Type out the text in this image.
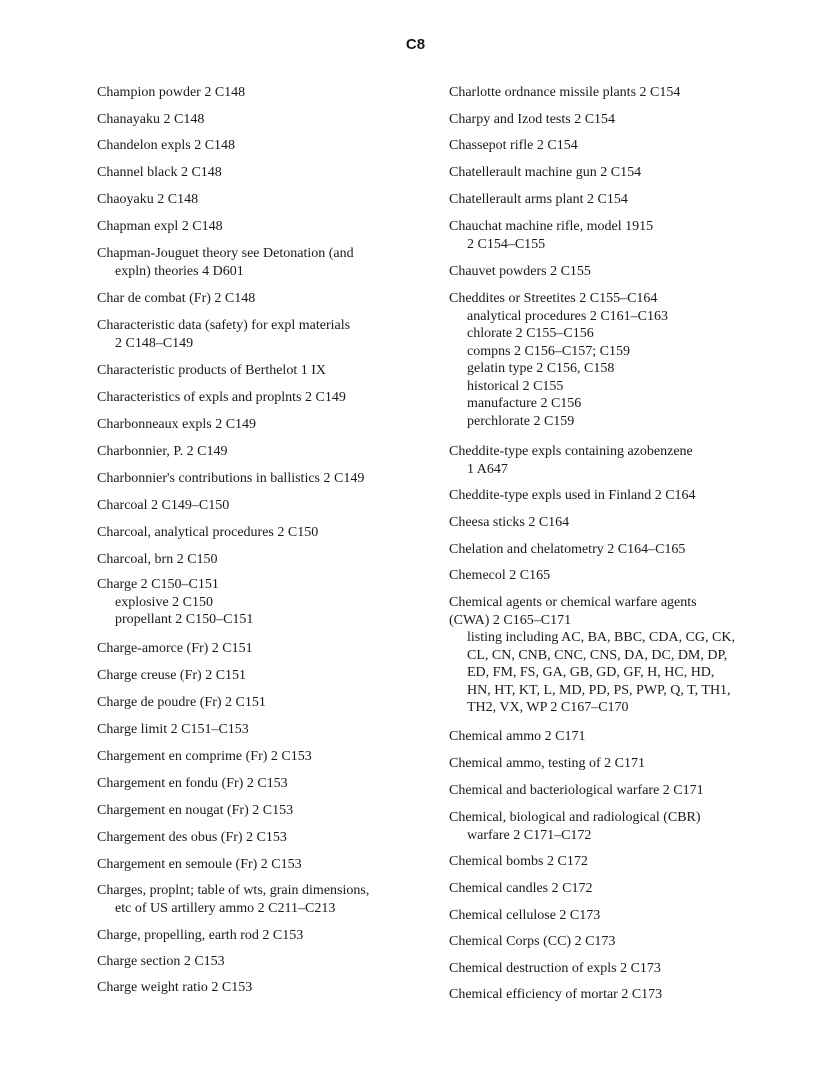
C8
Champion powder 2 C148
Chanayaku 2 C148
Chandelon expls 2 C148
Channel black 2 C148
Chaoyaku 2 C148
Chapman expl 2 C148
Chapman-Jouguet theory see Detonation (and
expln) theories 4 D601
Char de combat (Fr) 2 C148
Characteristic data (safety) for expl materials
2 C148–C149
Characteristic products of Berthelot 1 IX
Characteristics of expls and proplnts 2 C149
Charbonneaux expls 2 C149
Charbonnier, P. 2 C149
Charbonnier's contributions in ballistics 2 C149
Charcoal 2 C149–C150
Charcoal, analytical procedures 2 C150
Charcoal, brn 2 C150
Charge 2 C150–C151
explosive 2 C150
propellant 2 C150–C151
Charge-amorce (Fr) 2 C151
Charge creuse (Fr) 2 C151
Charge de poudre (Fr) 2 C151
Charge limit 2 C151–C153
Chargement en comprime (Fr) 2 C153
Chargement en fondu (Fr) 2 C153
Chargement en nougat (Fr) 2 C153
Chargement des obus (Fr) 2 C153
Chargement en semoule (Fr) 2 C153
Charges, proplnt; table of wts, grain dimensions,
etc of US artillery ammo 2 C211–C213
Charge, propelling, earth rod 2 C153
Charge section 2 C153
Charge weight ratio 2 C153
Charlotte ordnance missile plants 2 C154
Charpy and Izod tests 2 C154
Chassepot rifle 2 C154
Chatellerault machine gun 2 C154
Chatellerault arms plant 2 C154
Chauchat machine rifle, model 1915
2 C154–C155
Chauvet powders 2 C155
Cheddites or Streetites 2 C155–C164
analytical procedures 2 C161–C163
chlorate 2 C155–C156
compns 2 C156–C157; C159
gelatin type 2 C156, C158
historical 2 C155
manufacture 2 C156
perchlorate 2 C159
Cheddite-type expls containing azobenzene
1 A647
Cheddite-type expls used in Finland 2 C164
Cheesa sticks 2 C164
Chelation and chelatometry 2 C164–C165
Chemecol 2 C165
Chemical agents or chemical warfare agents
(CWA) 2 C165–C171
listing including AC, BA, BBC, CDA, CG, CK,
CL, CN, CNB, CNC, CNS, DA, DC, DM, DP,
ED, FM, FS, GA, GB, GD, GF, H, HC, HD,
HN, HT, KT, L, MD, PD, PS, PWP, Q, T, TH1,
TH2, VX, WP 2 C167–C170
Chemical ammo 2 C171
Chemical ammo, testing of 2 C171
Chemical and bacteriological warfare 2 C171
Chemical, biological and radiological (CBR)
warfare 2 C171–C172
Chemical bombs 2 C172
Chemical candles 2 C172
Chemical cellulose 2 C173
Chemical Corps (CC) 2 C173
Chemical destruction of expls 2 C173
Chemical efficiency of mortar 2 C173
